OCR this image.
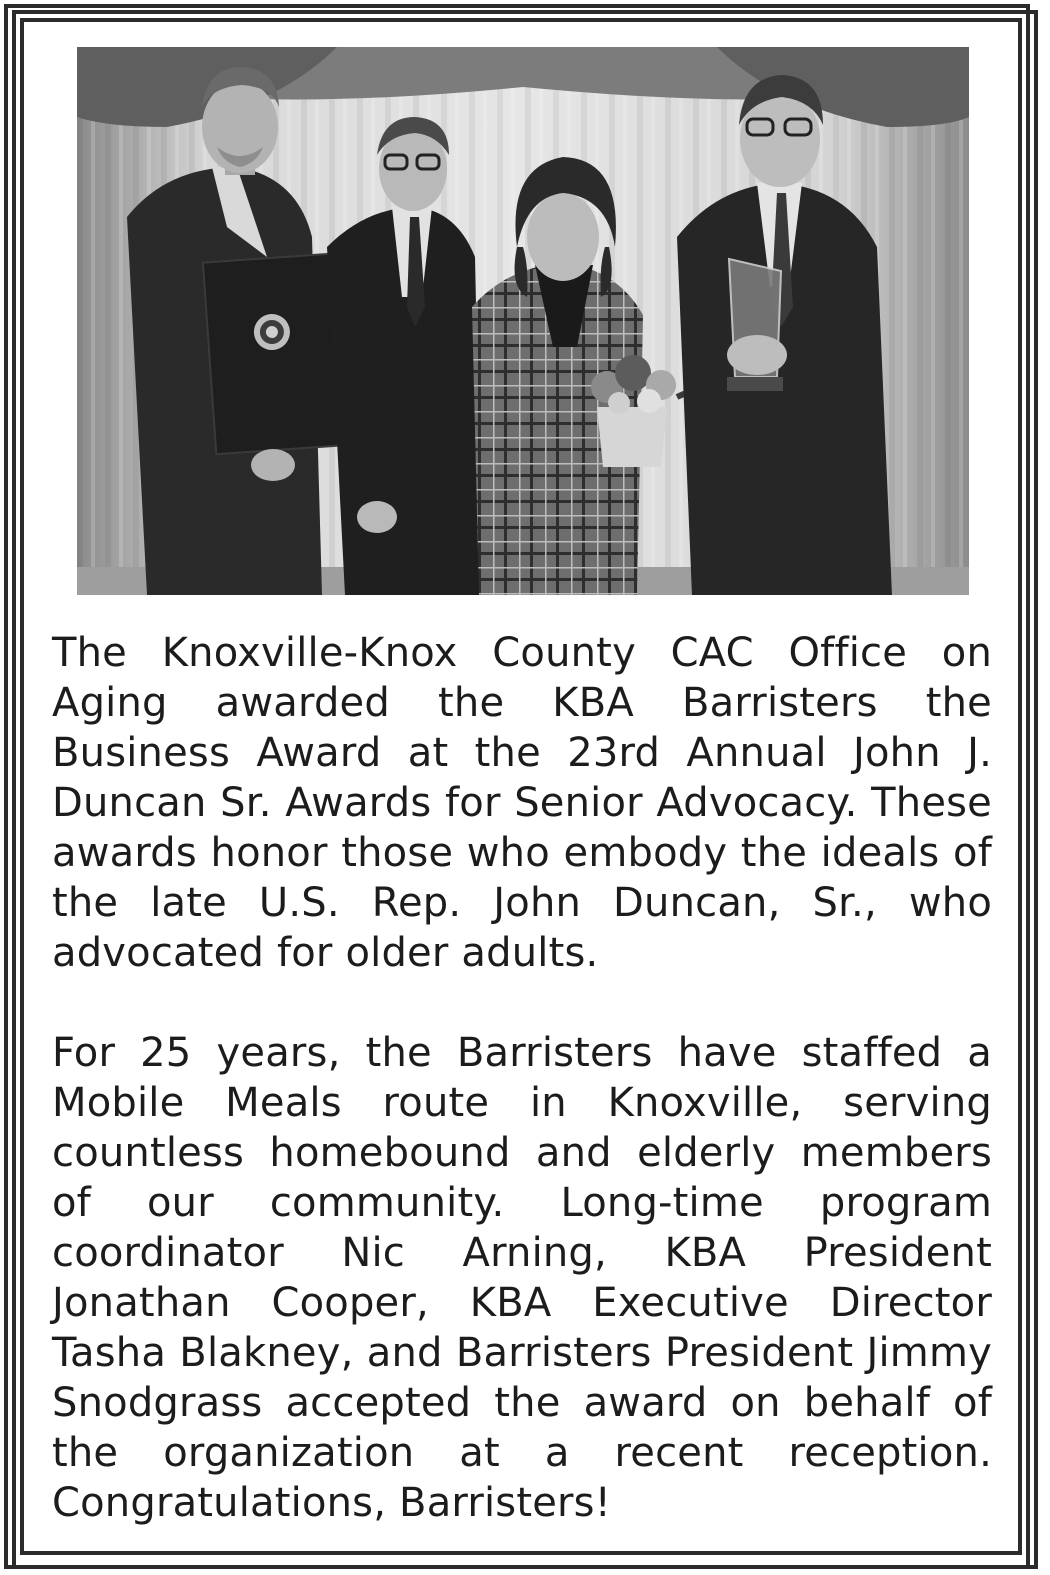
The Knoxville-Knox County CAC Office on Aging awarded the KBA Barristers the Business Award at the 23rd Annual John J. Duncan Sr. Awards for Senior Advocacy. These awards honor those who embody the ideals of the late U.S. Rep. John Duncan, Sr., who advocated for older adults.

For 25 years, the Barristers have staffed a Mobile Meals route in Knoxville, serving countless homebound and elderly members of our community. Long-time program coordinator Nic Arning, KBA President Jonathan Cooper, KBA Executive Director Tasha Blakney, and Barristers President Jimmy Snodgrass accepted the award on behalf of the organization at a recent reception. Congratulations, Barristers!
